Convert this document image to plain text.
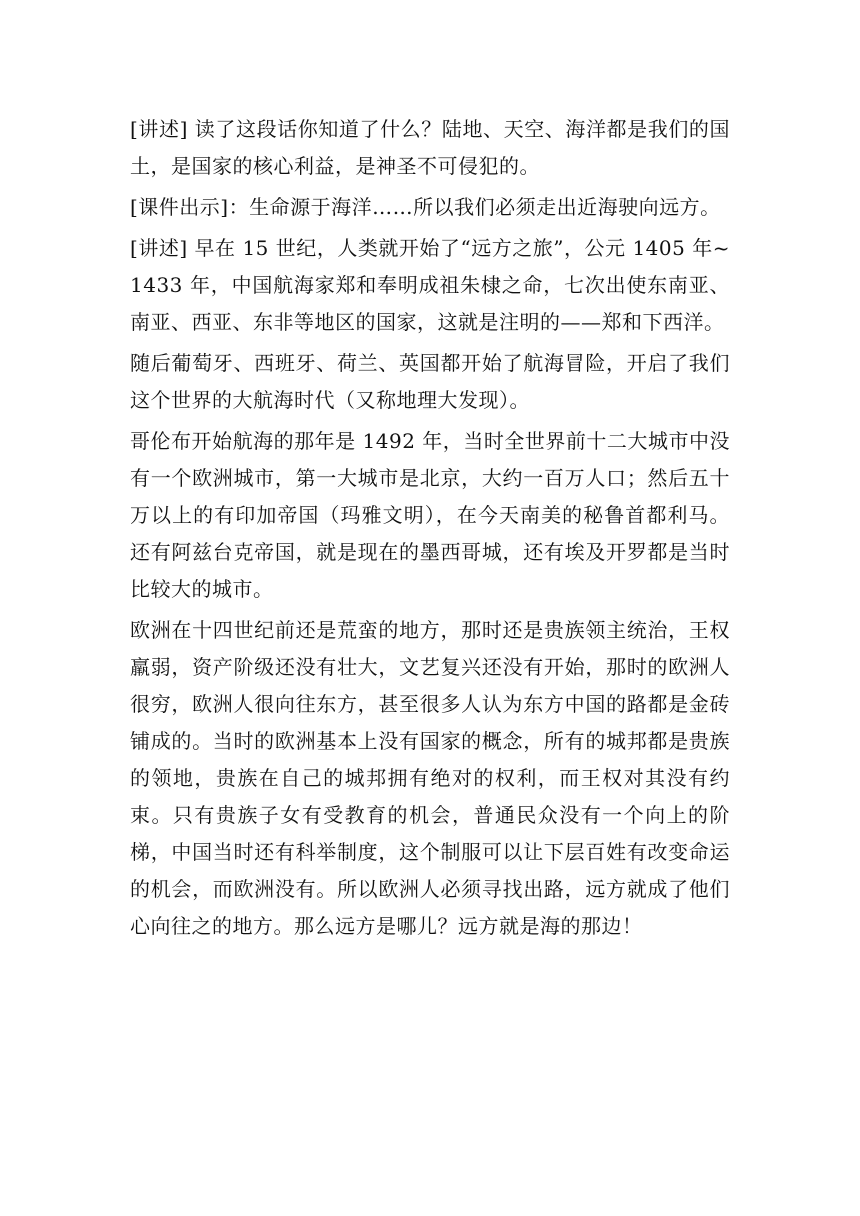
[讲述] 读了这段话你知道了什么？陆地、天空、海洋都是我们的国土，是国家的核心利益，是神圣不可侵犯的。

[课件出示]：生命源于海洋……所以我们必须走出近海驶向远方。

[讲述] 早在 15 世纪，人类就开始了“远方之旅”，公元 1405 年~1433 年，中国航海家郑和奉明成祖朱棣之命，七次出使东南亚、南亚、西亚、东非等地区的国家，这就是注明的——郑和下西洋。

随后葡萄牙、西班牙、荷兰、英国都开始了航海冒险，开启了我们这个世界的大航海时代（又称地理大发现）。

哥伦布开始航海的那年是 1492 年，当时全世界前十二大城市中没有一个欧洲城市，第一大城市是北京，大约一百万人口；然后五十万以上的有印加帝国（玛雅文明），在今天南美的秘鲁首都利马。还有阿兹台克帝国，就是现在的墨西哥城，还有埃及开罗都是当时比较大的城市。

欧洲在十四世纪前还是荒蛮的地方，那时还是贵族领主统治，王权羸弱，资产阶级还没有壮大，文艺复兴还没有开始，那时的欧洲人很穷，欧洲人很向往东方，甚至很多人认为东方中国的路都是金砖铺成的。当时的欧洲基本上没有国家的概念，所有的城邦都是贵族的领地，贵族在自己的城邦拥有绝对的权利，而王权对其没有约束。只有贵族子女有受教育的机会，普通民众没有一个向上的阶梯，中国当时还有科举制度，这个制服可以让下层百姓有改变命运的机会，而欧洲没有。所以欧洲人必须寻找出路，远方就成了他们心向往之的地方。那么远方是哪儿？远方就是海的那边！
